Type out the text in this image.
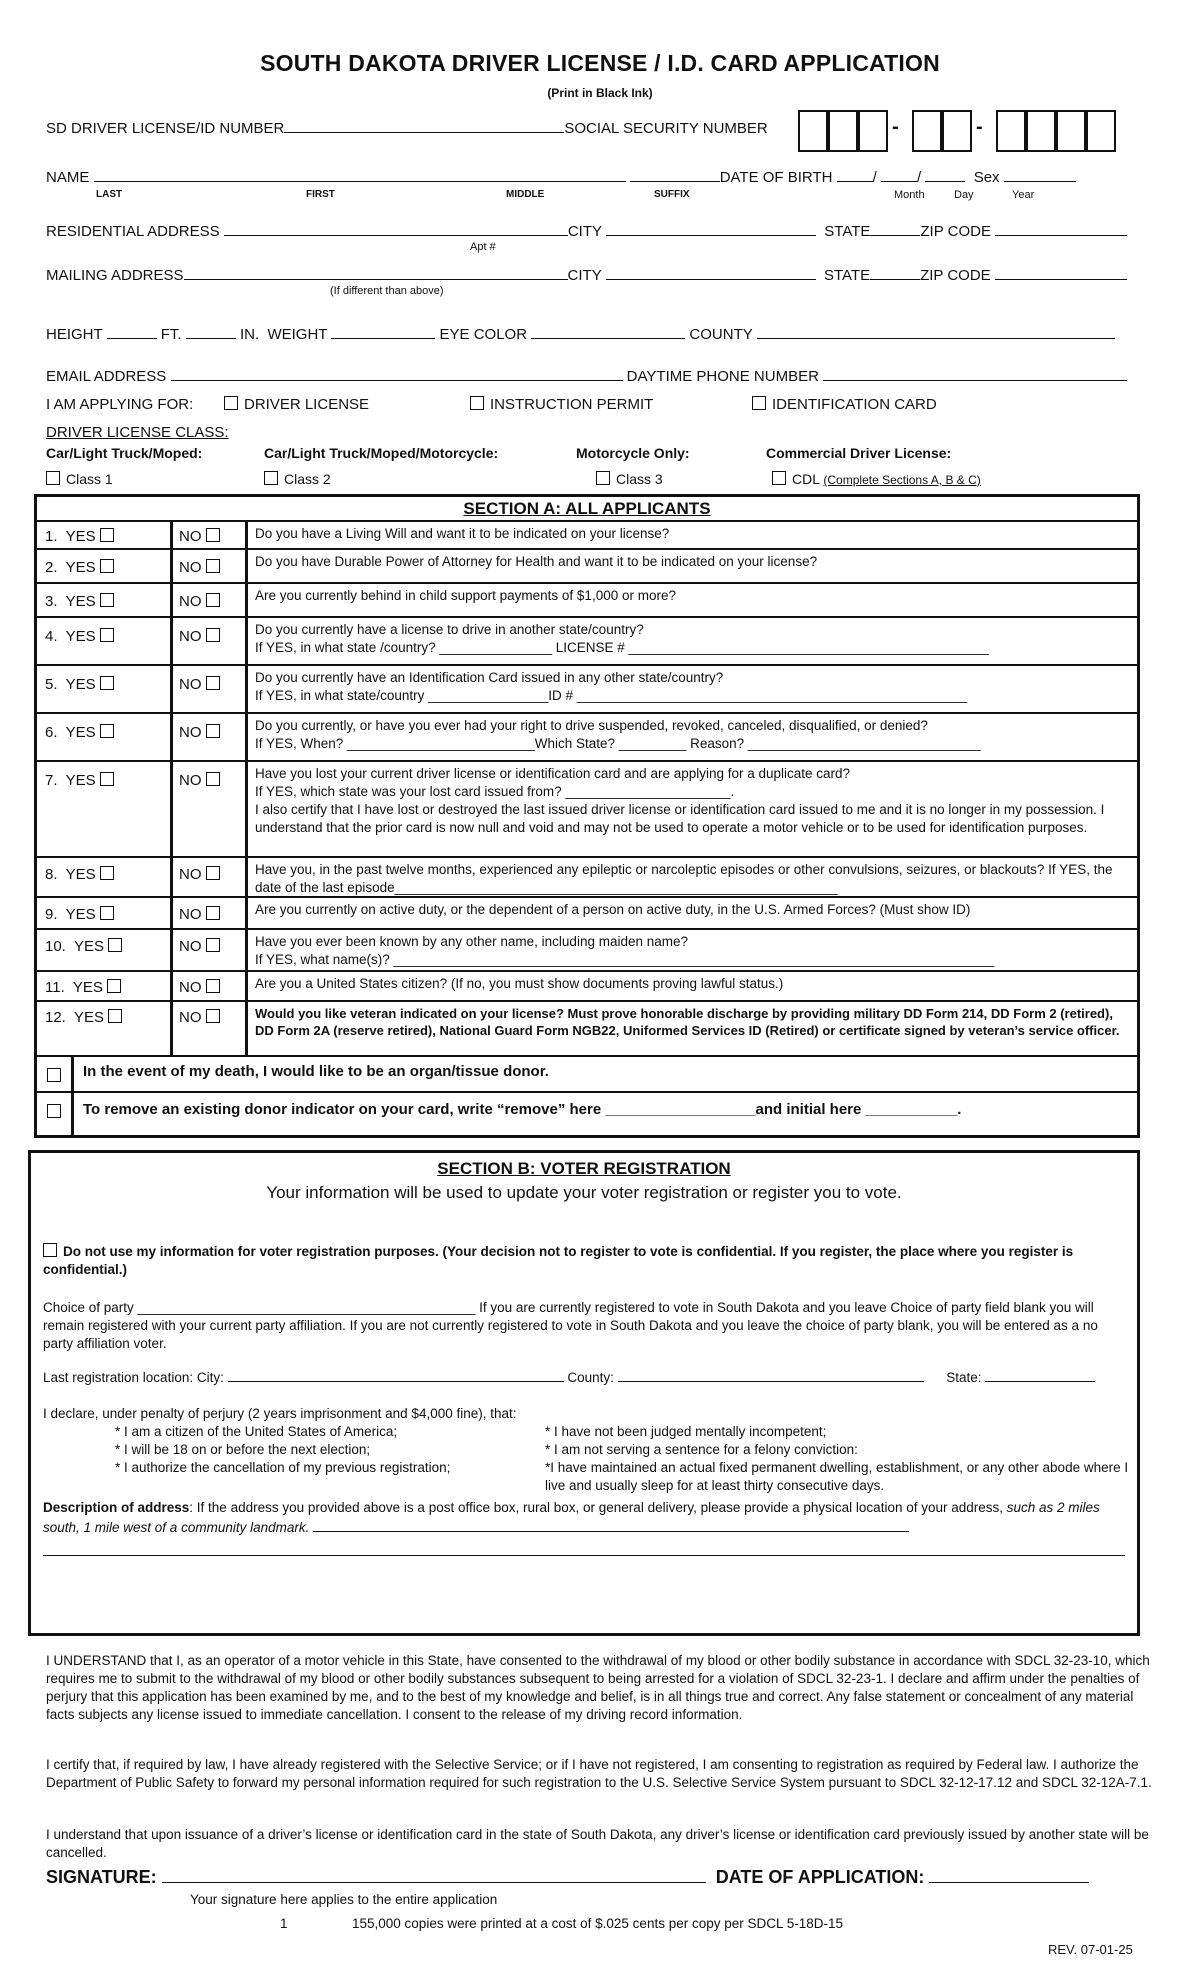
SOUTH DAKOTA DRIVER LICENSE / I.D. CARD APPLICATION
(Print in Black Ink)
SD DRIVER LICENSE/ID NUMBER	SOCIAL SECURITY NUMBER	-	-
NAME	DATE OF BIRTH	/ /	Sex
LAST	FIRST	MIDDLE	SUFFIX	Month	Day	Year
RESIDENTIAL ADDRESS	CITY	STATE	ZIP CODE
Apt #
MAILING ADDRESS	CITY	STATE	ZIP CODE
(If different than above)
HEIGHT	FT.	IN. WEIGHT	EYE COLOR	COUNTY
EMAIL ADDRESS	DAYTIME PHONE NUMBER
I AM APPLYING FOR:	DRIVER LICENSE	INSTRUCTION PERMIT	IDENTIFICATION CARD
DRIVER LICENSE CLASS:
Car/Light Truck/Moped:	Car/Light Truck/Moped/Motorcycle:	Motorcycle Only:	Commercial Driver License:
Class 1	Class 2	Class 3	CDL (Complete Sections A, B & C)
SECTION A: ALL APPLICANTS
1. YES	NO	Do you have a Living Will and want it to be indicated on your license?
2. YES	NO	Do you have Durable Power of Attorney for Health and want it to be indicated on your license?
3. YES	NO	Are you currently behind in child support payments of $1,000 or more?
4. YES	NO	Do you currently have a license to drive in another state/country?
If YES, in what state /country? _______________ LICENSE # ________________________________________________
5. YES	NO	Do you currently have an Identification Card issued in any other state/country?
If YES, in what state/country ________________ID # ____________________________________________________
6. YES	NO	Do you currently, or have you ever had your right to drive suspended, revoked, canceled, disqualified, or denied?
If YES, When? _________________________Which State? _________ Reason? _______________________________
7. YES	NO	Have you lost your current driver license or identification card and are applying for a duplicate card?
If YES, which state was your lost card issued from? ______________________.
I also certify that I have lost or destroyed the last issued driver license or identification card issued to me and it is no longer in my possession. I understand that the prior card is now null and void and may not be used to operate a motor vehicle or to be used for identification purposes.
8. YES	NO	Have you, in the past twelve months, experienced any epileptic or narcoleptic episodes or other convulsions, seizures, or blackouts? If YES, the date of the last episode___________________________________________________________
9. YES	NO	Are you currently on active duty, or the dependent of a person on active duty, in the U.S. Armed Forces? (Must show ID)
10. YES	NO	Have you ever been known by any other name, including maiden name?
If YES, what name(s)? ________________________________________________________________________________
11. YES	NO	Are you a United States citizen? (If no, you must show documents proving lawful status.)
12. YES	NO	Would you like veteran indicated on your license? Must prove honorable discharge by providing military DD Form 214, DD Form 2 (retired), DD Form 2A (reserve retired), National Guard Form NGB22, Uniformed Services ID (Retired) or certificate signed by veteran’s service officer.
In the event of my death, I would like to be an organ/tissue donor.
To remove an existing donor indicator on your card, write “remove” here __________________and initial here ___________.
SECTION B: VOTER REGISTRATION
Your information will be used to update your voter registration or register you to vote.
Do not use my information for voter registration purposes. (Your decision not to register to vote is confidential. If you register, the place where you register is confidential.)
Choice of party _____________________________________________ If you are currently registered to vote in South Dakota and you leave Choice of party field blank you will remain registered with your current party affiliation. If you are not currently registered to vote in South Dakota and you leave the choice of party blank, you will be entered as a no party affiliation voter.
Last registration location: City:	County:	State:
I declare, under penalty of perjury (2 years imprisonment and $4,000 fine), that:
* I am a citizen of the United States of America;
* I will be 18 on or before the next election;
* I authorize the cancellation of my previous registration;
* I have not been judged mentally incompetent;
* I am not serving a sentence for a felony conviction:
*I have maintained an actual fixed permanent dwelling, establishment, or any other abode where I live and usually sleep for at least thirty consecutive days.
Description of address: If the address you provided above is a post office box, rural box, or general delivery, please provide a physical location of your address, such as 2 miles south, 1 mile west of a community landmark.
I UNDERSTAND that I, as an operator of a motor vehicle in this State, have consented to the withdrawal of my blood or other bodily substance in accordance with SDCL 32-23-10, which requires me to submit to the withdrawal of my blood or other bodily substances subsequent to being arrested for a violation of SDCL 32-23-1. I declare and affirm under the penalties of perjury that this application has been examined by me, and to the best of my knowledge and belief, is in all things true and correct. Any false statement or concealment of any material facts subjects any license issued to immediate cancellation. I consent to the release of my driving record information.
I certify that, if required by law, I have already registered with the Selective Service; or if I have not registered, I am consenting to registration as required by Federal law. I authorize the Department of Public Safety to forward my personal information required for such registration to the U.S. Selective Service System pursuant to SDCL 32-12-17.12 and SDCL 32-12A-7.1.
I understand that upon issuance of a driver’s license or identification card in the state of South Dakota, any driver’s license or identification card previously issued by another state will be cancelled.
SIGNATURE:	DATE OF APPLICATION:
Your signature here applies to the entire application
1	155,000 copies were printed at a cost of $.025 cents per copy per SDCL 5-18D-15
REV. 07-01-25
